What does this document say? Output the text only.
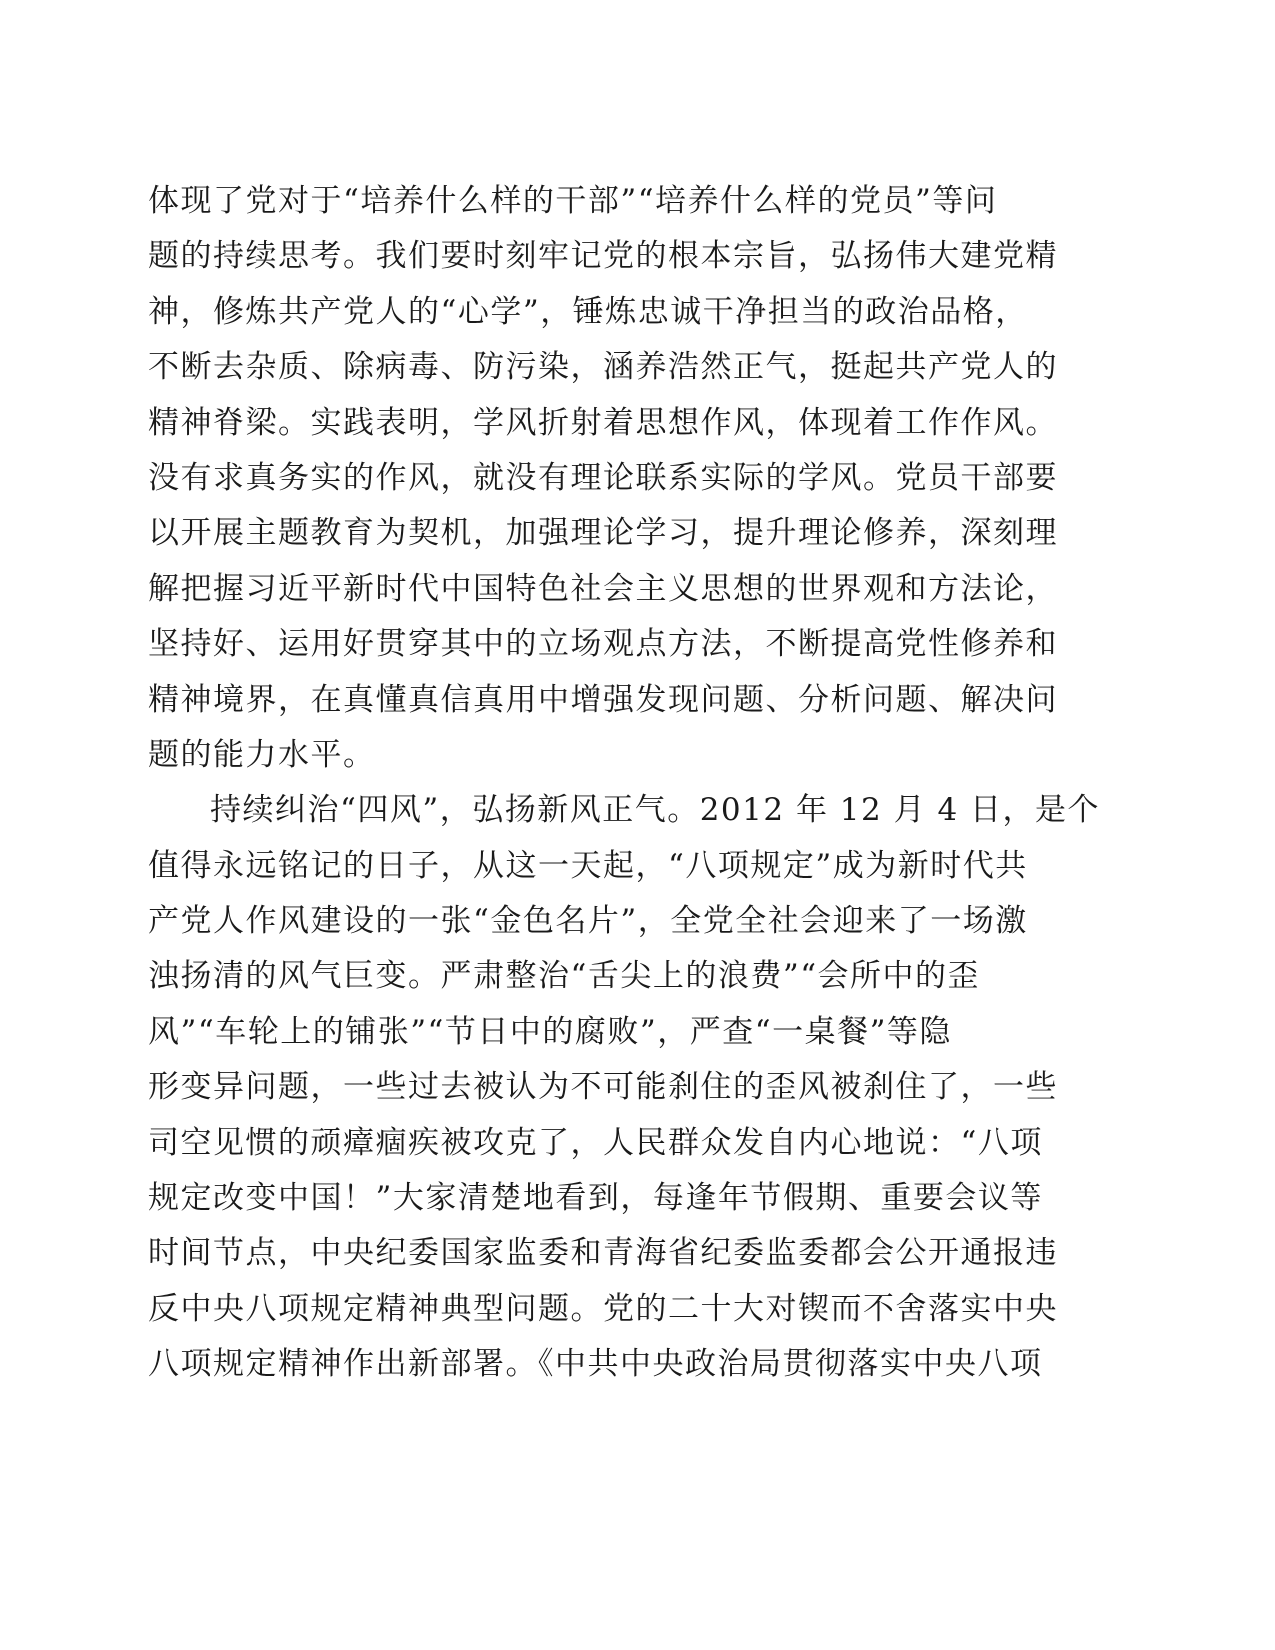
体现了党对于“培养什么样的干部”“培养什么样的党员”等问
题的持续思考。我们要时刻牢记党的根本宗旨，弘扬伟大建党精
神，修炼共产党人的“心学”，锤炼忠诚干净担当的政治品格，
不断去杂质、除病毒、防污染，涵养浩然正气，挺起共产党人的
精神脊梁。实践表明，学风折射着思想作风，体现着工作作风。
没有求真务实的作风，就没有理论联系实际的学风。党员干部要
以开展主题教育为契机，加强理论学习，提升理论修养，深刻理
解把握习近平新时代中国特色社会主义思想的世界观和方法论，
坚持好、运用好贯穿其中的立场观点方法，不断提高党性修养和
精神境界，在真懂真信真用中增强发现问题、分析问题、解决问
题的能力水平。
持续纠治“四风”，弘扬新风正气。2012 年 12 月 4 日，是个
值得永远铭记的日子，从这一天起，“八项规定”成为新时代共
产党人作风建设的一张“金色名片”，全党全社会迎来了一场激
浊扬清的风气巨变。严肃整治“舌尖上的浪费”“会所中的歪
风”“车轮上的铺张”“节日中的腐败”，严查“一桌餐”等隐
形变异问题，一些过去被认为不可能刹住的歪风被刹住了，一些
司空见惯的顽瘴痼疾被攻克了，人民群众发自内心地说：“八项
规定改变中国！”大家清楚地看到，每逢年节假期、重要会议等
时间节点，中央纪委国家监委和青海省纪委监委都会公开通报违
反中央八项规定精神典型问题。党的二十大对锲而不舍落实中央
八项规定精神作出新部署。《中共中央政治局贯彻落实中央八项
